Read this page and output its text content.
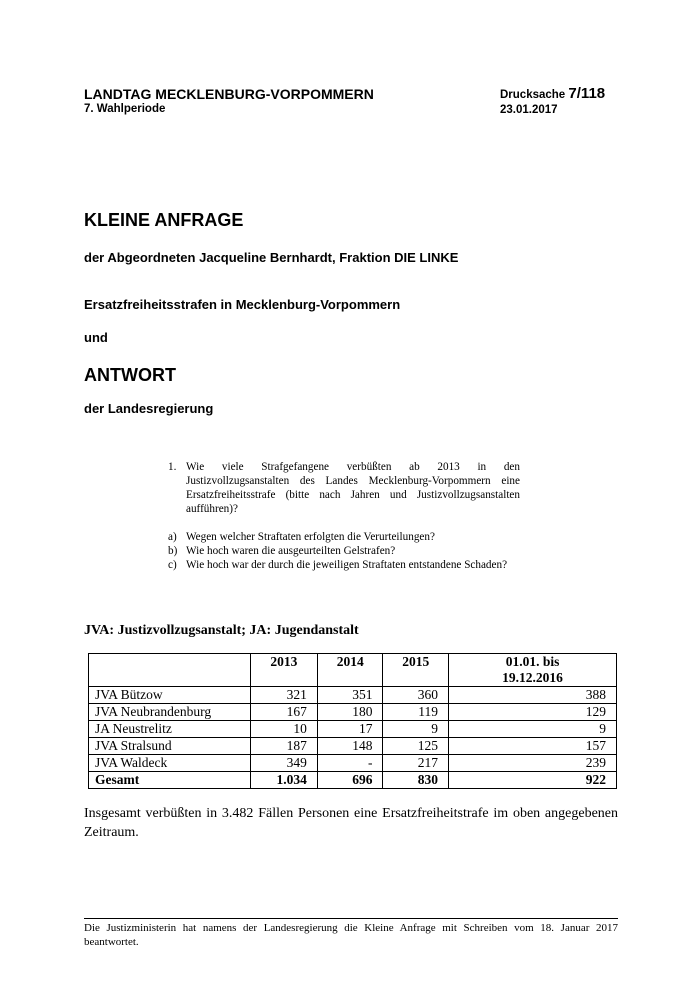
LANDTAG MECKLENBURG-VORPOMMERN
7. Wahlperiode
Drucksache 7/118
23.01.2017
KLEINE ANFRAGE
der Abgeordneten Jacqueline Bernhardt, Fraktion DIE LINKE
Ersatzfreiheitsstrafen in Mecklenburg-Vorpommern
und
ANTWORT
der Landesregierung
1. Wie viele Strafgefangene verbüßten ab 2013 in den Justizvollzugsanstalten des Landes Mecklenburg-Vorpommern eine Ersatzfreiheitsstrafe (bitte nach Jahren und Justizvollzugsanstalten aufführen)?
a) Wegen welcher Straftaten erfolgten die Verurteilungen?
b) Wie hoch waren die ausgeurteilten Gelstrafen?
c) Wie hoch war der durch die jeweiligen Straftaten entstandene Schaden?
JVA: Justizvollzugsanstalt; JA: Jugendanstalt
	2013	2014	2015	01.01. bis
19.12.2016

JVA Bützow	321	351	360	388
JVA Neubrandenburg	167	180	119	129
JA Neustrelitz	10	17	9	9
JVA Stralsund	187	148	125	157
JVA Waldeck	349	-	217	239
Gesamt	1.034	696	830	922
Insgesamt verbüßten in 3.482 Fällen Personen eine Ersatzfreiheitstrafe im oben angegebenen Zeitraum.
Die Justizministerin hat namens der Landesregierung die Kleine Anfrage mit Schreiben vom 18. Januar 2017 beantwortet.
